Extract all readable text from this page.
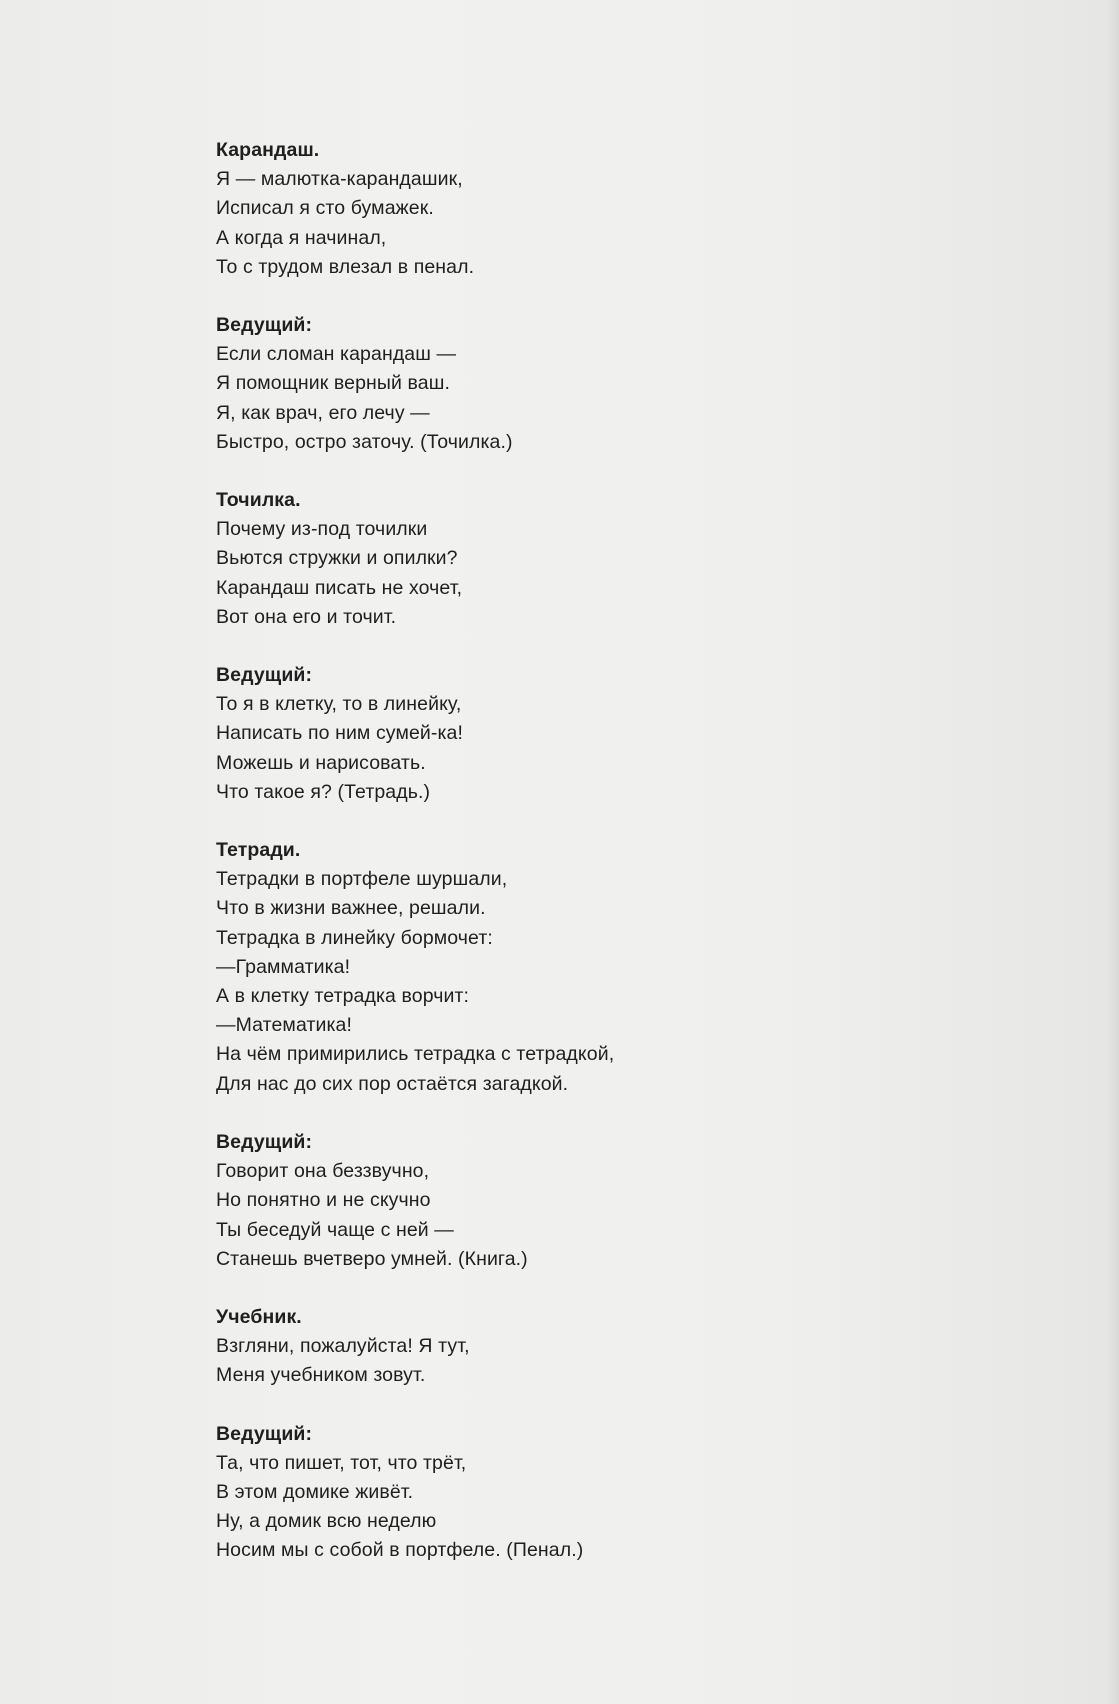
Карандаш.
Я — малютка-карандашик,
Исписал я сто бумажек.
А когда я начинал,
То с трудом влезал в пенал.
Ведущий:
Если сломан карандаш —
Я помощник верный ваш.
Я, как врач, его лечу —
Быстро, остро заточу. (Точилка.)
Точилка.
Почему из-под точилки
Вьются стружки и опилки?
Карандаш писать не хочет,
Вот она его и точит.
Ведущий:
То я в клетку, то в линейку,
Написать по ним сумей-ка!
Можешь и нарисовать.
Что такое я? (Тетрадь.)
Тетради.
Тетрадки в портфеле шуршали,
Что в жизни важнее, решали.
Тетрадка в линейку бормочет:
—Грамматика!
А в клетку тетрадка ворчит:
—Математика!
На чём примирились тетрадка с тетрадкой,
Для нас до сих пор остаётся загадкой.
Ведущий:
Говорит она беззвучно,
Но понятно и не скучно
Ты беседуй чаще с ней —
Станешь вчетверо умней. (Книга.)
Учебник.
Взгляни, пожалуйста! Я тут,
Меня учебником зовут.
Ведущий:
Та, что пишет, тот, что трёт,
В этом домике живёт.
Ну, а домик всю неделю
Носим мы с собой в портфеле. (Пенал.)
